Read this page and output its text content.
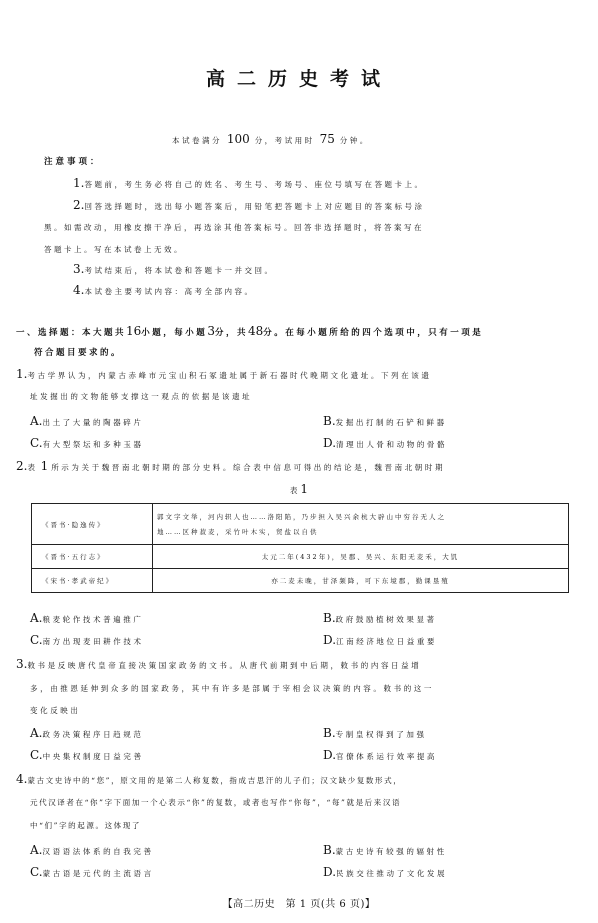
高二历史考试
本试卷满分 100 分，考试用时 75 分钟。
注意事项：
1.答题前，考生务必将自己的姓名、考生号、考场号、座位号填写在答题卡上。
2.回答选择题时，选出每小题答案后，用铅笔把答题卡上对应题目的答案标号涂
黑。如需改动，用橡皮擦干净后，再选涂其他答案标号。回答非选择题时，将答案写在
答题卡上。写在本试卷上无效。
3.考试结束后，将本试卷和答题卡一并交回。
4.本试卷主要考试内容：高考全部内容。
一、选择题：本大题共16小题，每小题3分，共48分。在每小题所给的四个选项中，只有一项是
符合题目要求的。
1.考古学界认为，内蒙古赤峰市元宝山积石冢遗址属于新石器时代晚期文化遗址。下列在该遗
址发掘出的文物能够支撑这一观点的依据是该遗址
A.出土了大量的陶器碎片	B.发掘出打制的石铲和鲜器
C.有大型祭坛和多种玉器	D.清理出人骨和动物的骨骼
2.表 1 所示为关于魏晋南北朝时期的部分史料。综合表中信息可得出的结论是，魏晋南北朝时期
表1
《晋书·隐逸传》	郭文字文举，河内轵人也……洛阳陷，乃步担入吴兴余杭大辟山中穷谷无人之
地……区种菽麦，采竹叶木实，贸盐以自供

《晋书·五行志》	太元二年(432年)，吴郡、吴兴、东阳无麦禾，大饥
《宋书·孝武帝纪》	亦二麦未晚，甘泽频降，可下东境郡，勤课垦殖
A.粮麦轮作技术普遍推广	B.政府鼓励植树效果显著
C.南方出现麦田耕作技术	D.江南经济地位日益重要
3.敕书是反映唐代皇帝直接决策国家政务的文书。从唐代前期到中后期，敕书的内容日益增
多，由推恩延伸到众多的国家政务，其中有许多是部属于宰相会议决策的内容。敕书的这一
变化反映出
A.政务决策程序日趋规范	B.专制皇权得到了加强
C.中央集权制度日益完善	D.官僚体系运行效率提高
4.蒙古文史诗中的“您”，原文用的是第二人称复数，指成吉思汗的儿子们；汉文缺少复数形式，
元代汉译者在“你”字下面加一个心表示“你”的复数，或者也写作“你每”，“每”就是后来汉语
中“们”字的起源。这体现了
A.汉语语法体系的自我完善	B.蒙古史诗有较强的辐射性
C.蒙古语是元代的主流语言	D.民族交往推动了文化发展
【高二历史　第 1 页(共 6 页)】
